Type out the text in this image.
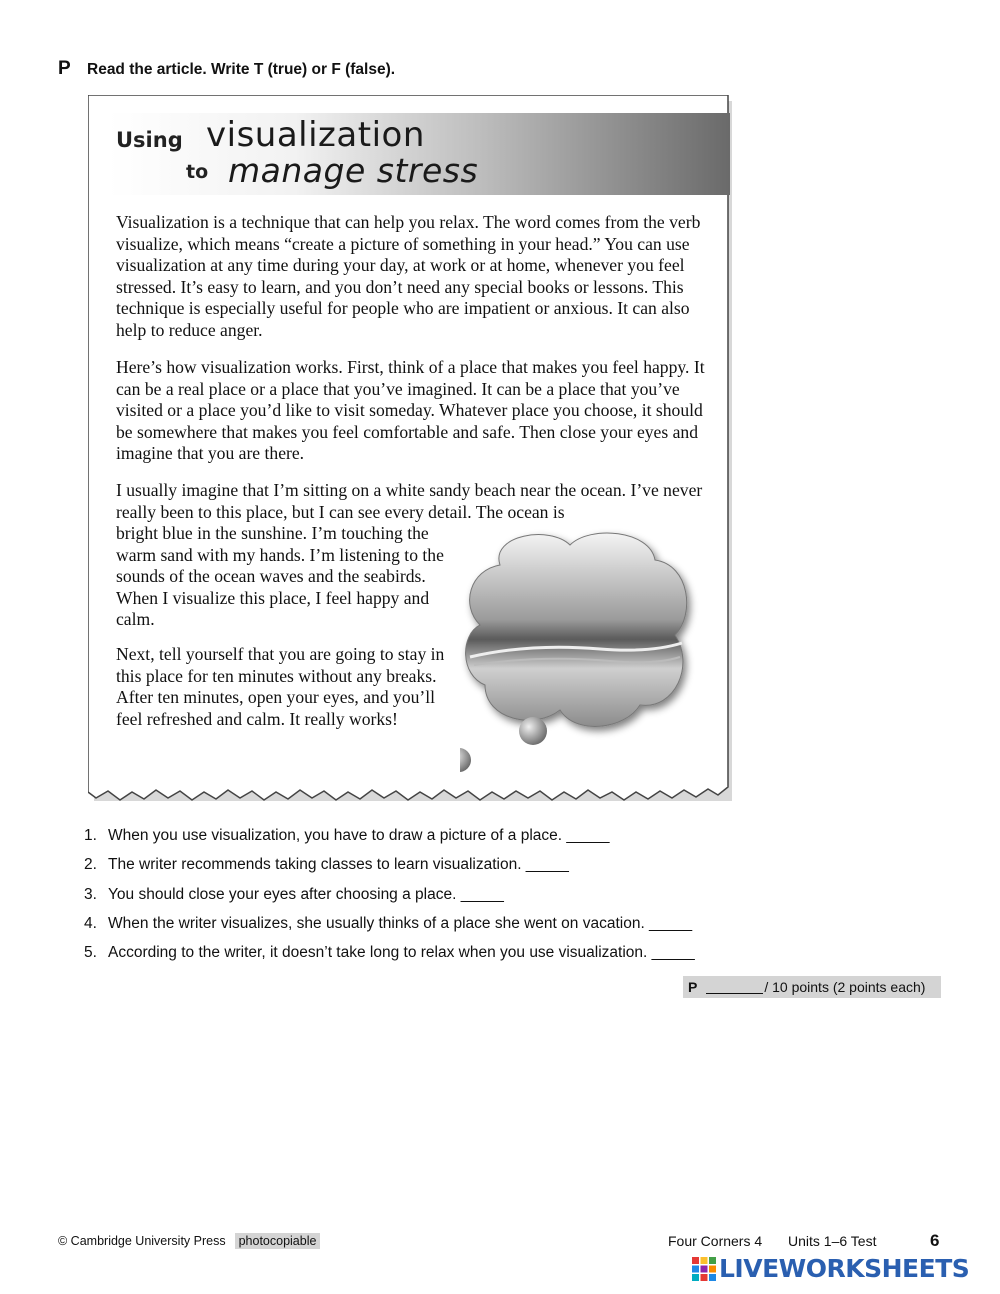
P	Read the article. Write T (true) or F (false).
Using visualization
to manage stress

Visualization is a technique that can help you relax. The word comes from the verb visualize, which means “create a picture of something in your head.” You can use visualization at any time during your day, at work or at home, whenever you feel stressed. It’s easy to learn, and you don’t need any special books or lessons. This technique is especially useful for people who are impatient or anxious. It can also help to reduce anger.

Here’s how visualization works. First, think of a place that makes you feel happy. It can be a real place or a place that you’ve imagined. It can be a place that you’ve visited or a place you’d like to visit someday. Whatever place you choose, it should be somewhere that makes you feel comfortable and safe. Then close your eyes and imagine that you are there.

I usually imagine that I’m sitting on a white sandy beach near the ocean. I’ve never really been to this place, but I can see every detail. The ocean is

bright blue in the sunshine. I’m touching the warm sand with my hands. I’m listening to the sounds of the ocean waves and the seabirds. When I visualize this place, I feel happy and calm.

Next, tell yourself that you are going to stay in this place for ten minutes without any breaks. After ten minutes, open your eyes, and you’ll feel refreshed and calm. It really works!

1. When you use visualization, you have to draw a picture of a place. _____
2. The writer recommends taking classes to learn visualization. _____
3. You should close your eyes after choosing a place. _____
4. When the writer visualizes, she usually thinks of a place she went on vacation. _____
5. According to the writer, it doesn’t take long to relax when you use visualization. _____
P	/ 10 points (2 points each)
© Cambridge University Press	photocopiable	Four Corners 4 Units 1–6 Test	6
LIVEWORKSHEETS
